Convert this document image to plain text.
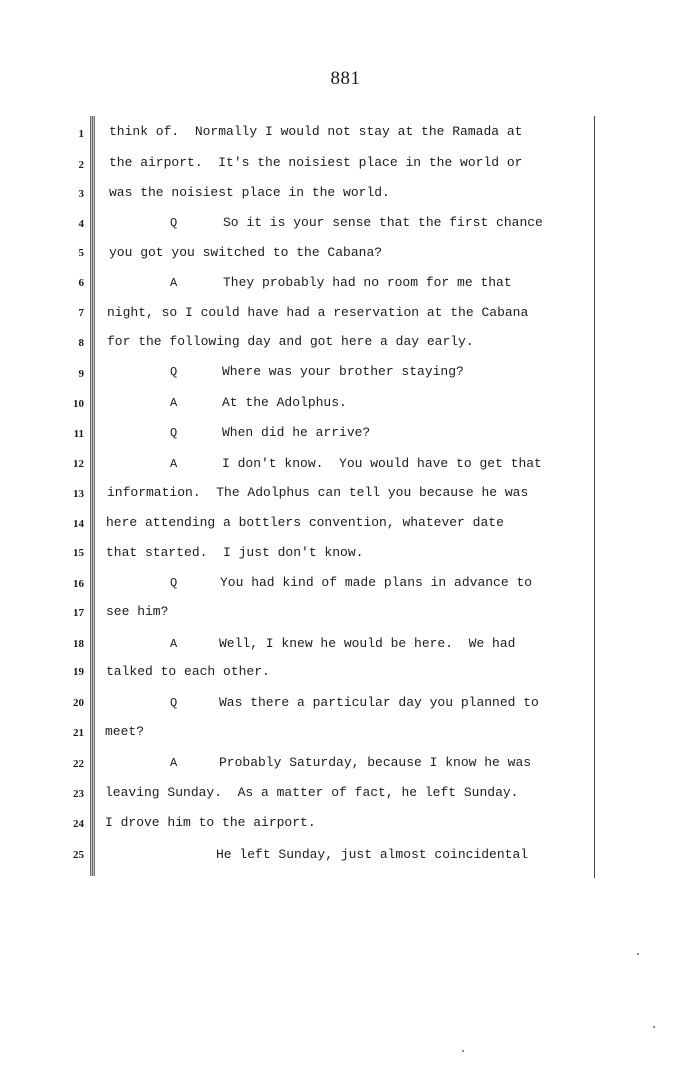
881
1 think of.  Normally I would not stay at the Ramada at
2 the airport.  It's the noisiest place in the world or
3 was the noisiest place in the world.
4	Q	So it is your sense that the first chance
5 you got you switched to the Cabana?
6	A	They probably had no room for me that
7 night, so I could have had a reservation at the Cabana
8 for the following day and got here a day early.
9	Q	Where was your brother staying?
10	A	At the Adolphus.
11	Q	When did he arrive?
12	A	I don't know.  You would have to get that
13 information.  The Adolphus can tell you because he was
14 here attending a bottlers convention, whatever date
15 that started.  I just don't know.
16	Q	You had kind of made plans in advance to
17 see him?
18	A	Well, I knew he would be here.  We had
19 talked to each other.
20	Q	Was there a particular day you planned to
21 meet?
22	A	Probably Saturday, because I know he was
23 leaving Sunday.  As a matter of fact, he left Sunday.
24 I drove him to the airport.
25	He left Sunday, just almost coincidental
